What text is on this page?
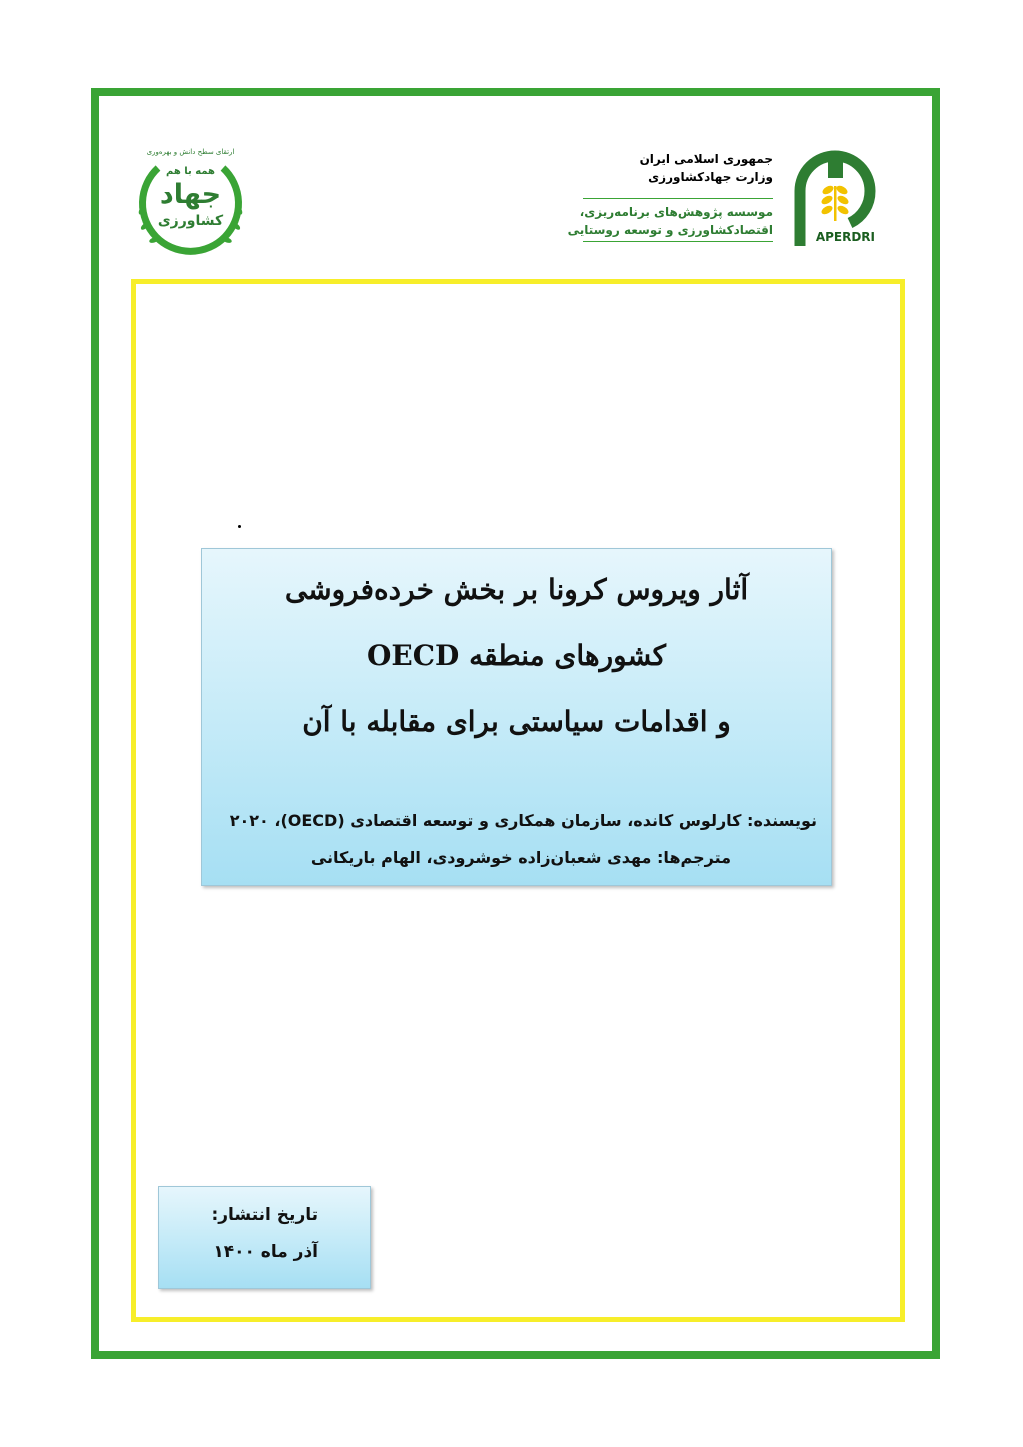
ارتقای سطح دانش و بهره‌وری
همه با هم
جهاد
کشاورزی
جمهوری اسلامی ایران
وزارت جهادکشاورزی
موسسه پژوهش‌های برنامه‌ریزی،
اقتصادکشاورزی و توسعه روستایی	APERDRI
آثار ویروس کرونا بر بخش خرده‌فروشی
کشورهای منطقه OECD
و اقدامات سیاستی برای مقابله با آن
نویسنده: کارلوس کانده، سازمان همکاری و توسعه اقتصادی (OECD)، ۲۰۲۰
مترجم‌ها: مهدی شعبان‌زاده خوشرودی، الهام باریکانی
تاریخ انتشار:
آذر ماه ۱۴۰۰
